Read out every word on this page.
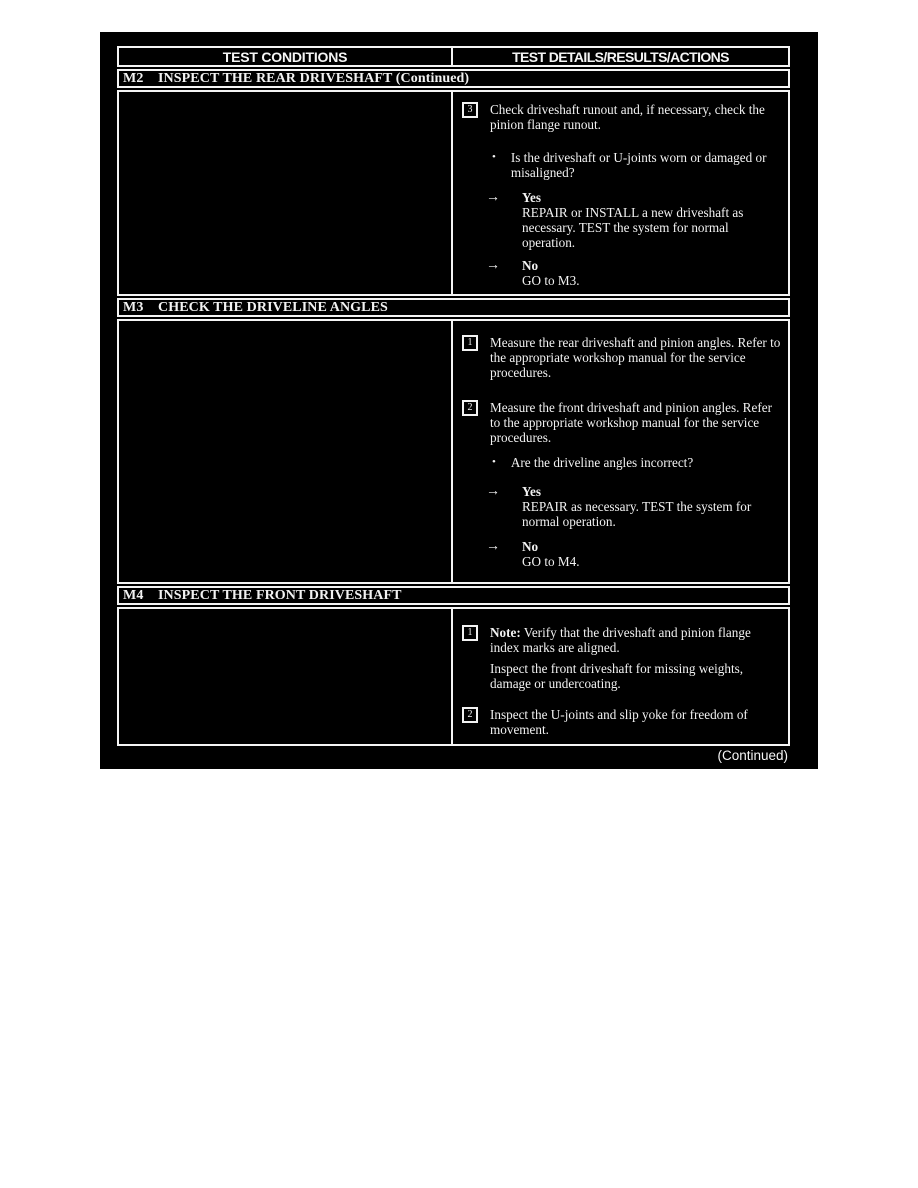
TEST CONDITIONS	TEST DETAILS/RESULTS/ACTIONS
M2	INSPECT THE REAR DRIVESHAFT (Continued)
3	Check driveshaft runout and, if necessary, check the pinion flange runout.
• Is the driveshaft or U-joints worn or damaged or misaligned?
→	Yes
REPAIR or INSTALL a new driveshaft as necessary. TEST the system for normal operation.
→	No
GO to M3.
M3	CHECK THE DRIVELINE ANGLES
1	Measure the rear driveshaft and pinion angles. Refer to the appropriate workshop manual for the service procedures.
2	Measure the front driveshaft and pinion angles. Refer to the appropriate workshop manual for the service procedures.
• Are the driveline angles incorrect?
→	Yes
REPAIR as necessary. TEST the system for normal operation.
→	No
GO to M4.
M4	INSPECT THE FRONT DRIVESHAFT
1	Note: Verify that the driveshaft and pinion flange index marks are aligned.
Inspect the front driveshaft for missing weights, damage or undercoating.
2	Inspect the U-joints and slip yoke for freedom of movement.
(Continued)
